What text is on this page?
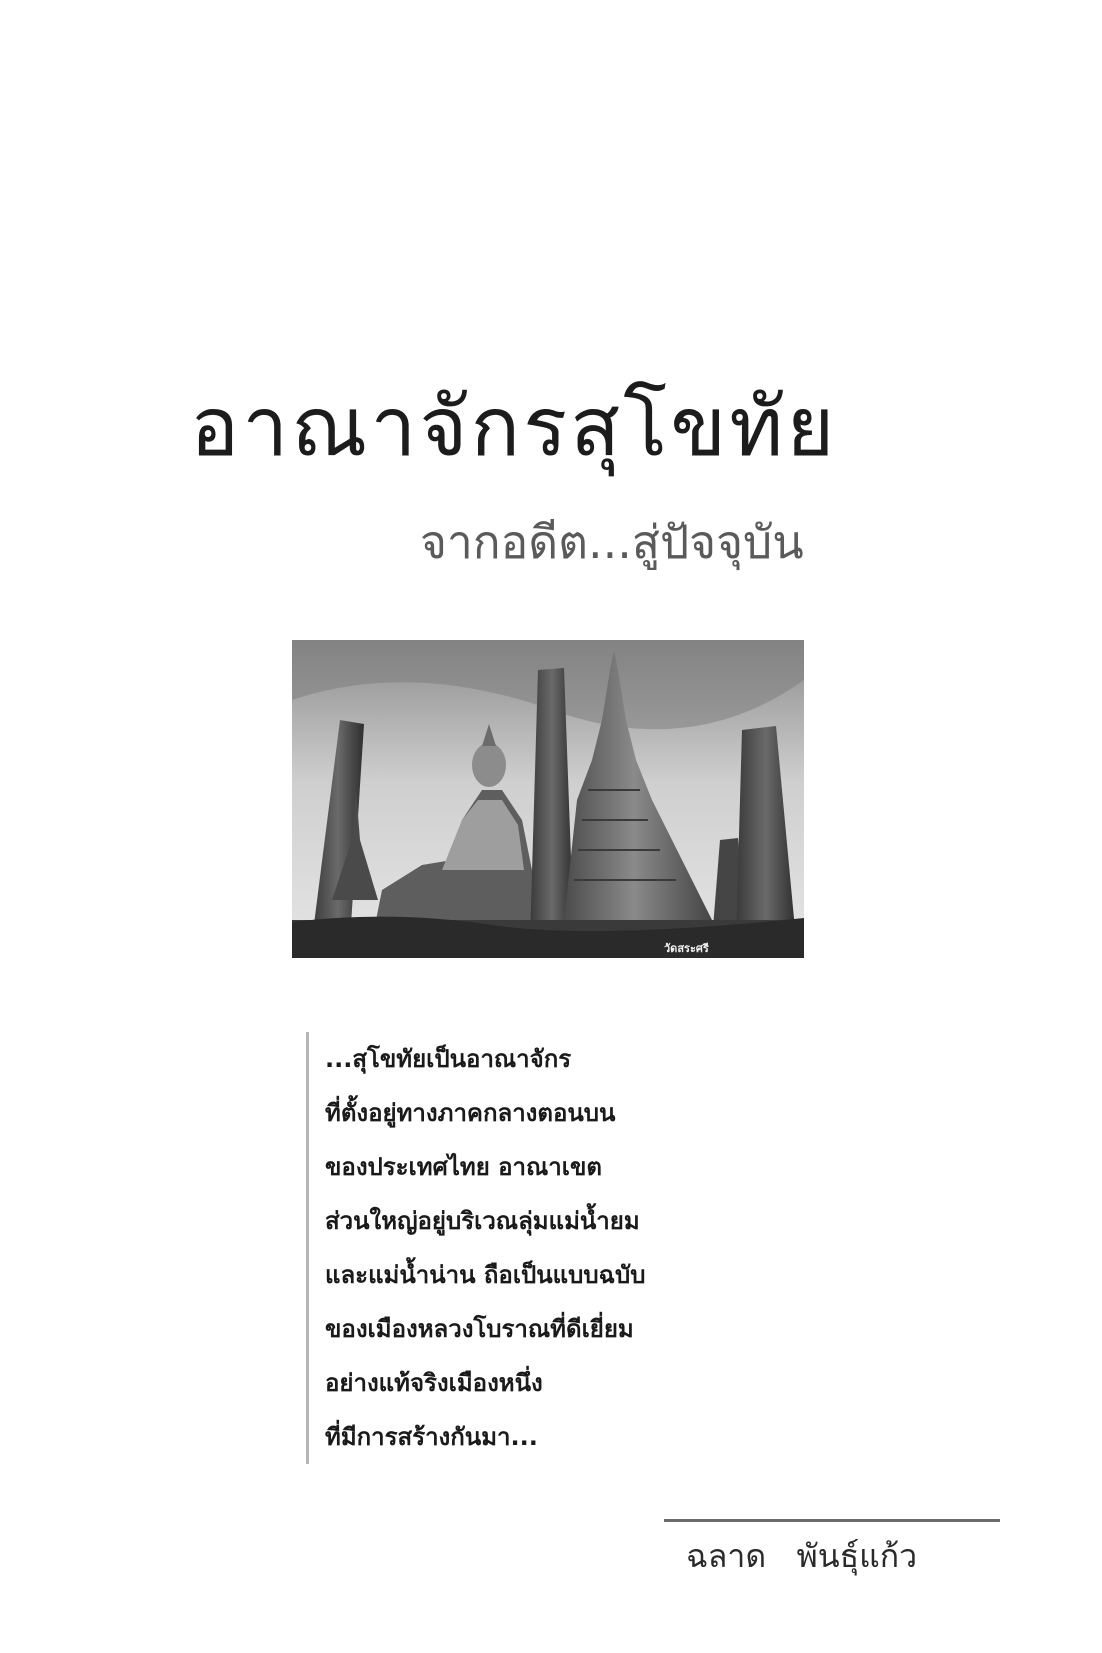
อาณาจักรสุโขทัย
จากอดีต...สู่ปัจจุบัน
วัดสระศรี
...สุโขทัยเป็นอาณาจักร
ที่ตั้งอยู่ทางภาคกลางตอนบน
ของประเทศไทย อาณาเขต
ส่วนใหญ่อยู่บริเวณลุ่มแม่น้ำยม
และแม่น้ำน่าน ถือเป็นแบบฉบับ
ของเมืองหลวงโบราณที่ดีเยี่ยม
อย่างแท้จริงเมืองหนึ่ง
ที่มีการสร้างกันมา...
ฉลาด   พันธุ์แก้ว
